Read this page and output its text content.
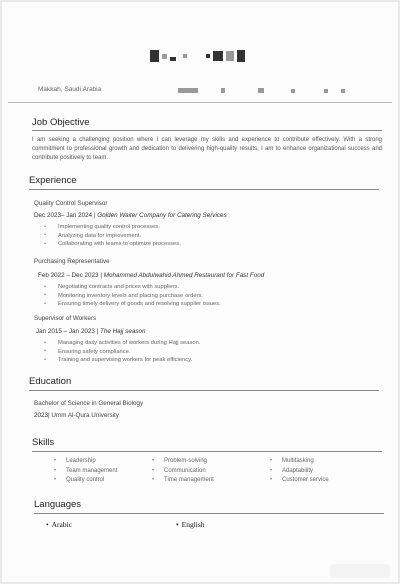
Makkah, Saudi Arabia
Job Objective
I am seeking a challenging position where I can leverage my skills and experience to contribute effectively. With a strong commitment to professional growth and dedication to delivering high-quality results, I am to enhance organizational success and contribute positively to team.
Experience
Quality Control Supervisor
Dec 2023– Jan 2024 | Golden Waiter Company for Catering Services
• Implementing quality control processes.
• Analyzing data for improvement.
• Collaborating with teams to optimize processes.
Purchasing Representative
Feb 2022 – Dec 2023 | Mohammed Abdulwahid Ahmed Restaurant for Fast Food
• Negotiating contracts and prices with suppliers.
• Monitoring inventory levels and placing purchase orders.
• Ensuring timely delivery of goods and resolving supplier issues.
Supervisor of Workers
Jan 2015 – Jan 2023 | The Hajj season
• Managing daily activities of workers during Hajj season.
• Ensuring safety compliance.
• Training and supervising workers for peak efficiency.
Education
Bachelor of Science in General Biology
2023| Umm Al-Qura University
Skills
• Leadership
• Team management
• Quality control
• Problem-solving
• Communication
• Time management
• Multitasking
• Adaptability
• Customer service
Languages
• Arabic
•	English
